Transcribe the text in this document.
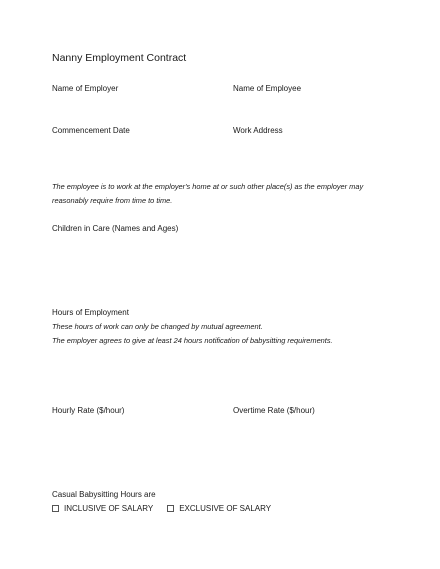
Nanny Employment Contract
Name of Employer	Name of Employee
Commencement Date	Work Address
The employee is to work at the employer's home at or such other place(s) as the employer may
reasonably require from time to time.
Children in Care (Names and Ages)
Hours of Employment
These hours of work can only be changed by mutual agreement.
The employer agrees to give at least 24 hours notification of babysitting requirements.
Hourly Rate ($/hour)	Overtime Rate ($/hour)
Casual Babysitting Hours are
INCLUSIVE OF SALARY	EXCLUSIVE OF SALARY
